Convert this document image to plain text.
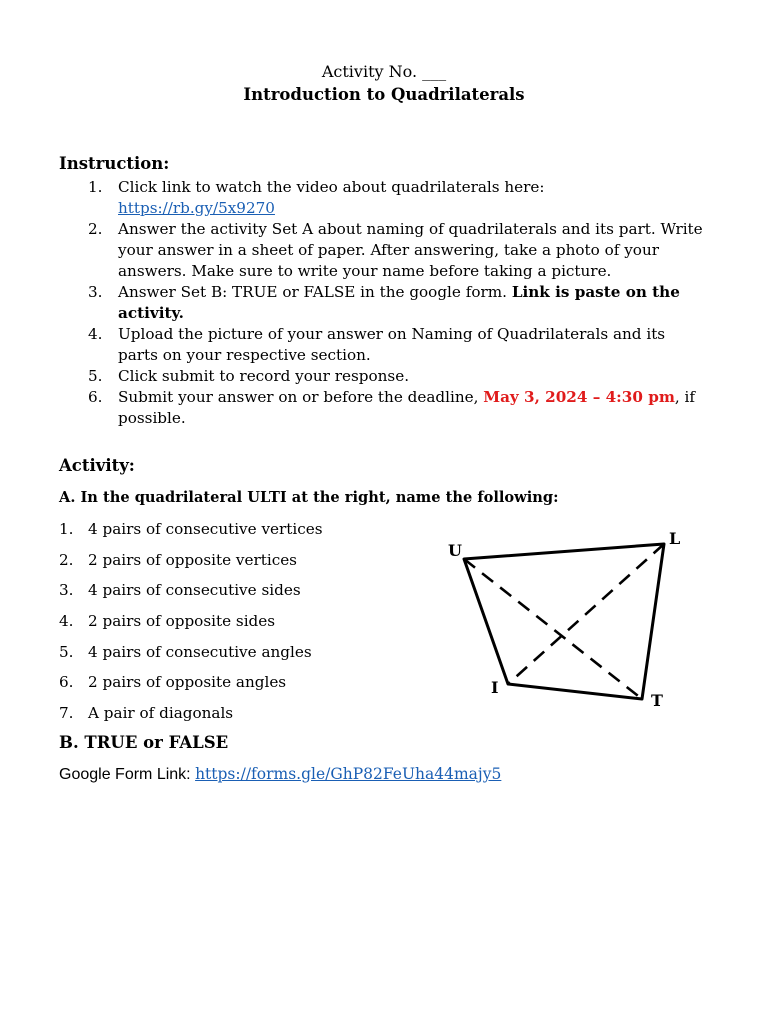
Activity No. ___
Introduction to Quadrilaterals
Instruction:
1. Click link to watch the video about quadrilaterals here:
https://rb.gy/5x9270
2. Answer the activity Set A about naming of quadrilaterals and its part. Write your answer in a sheet of paper. After answering, take a photo of your answers. Make sure to write your name before taking a picture.
3. Answer Set B: TRUE or FALSE in the google form. Link is paste on the activity.
4. Upload the picture of your answer on Naming of Quadrilaterals and its parts on your respective section.
5. Click submit to record your response.
6. Submit your answer on or before the deadline, May 3, 2024 – 4:30 pm, if possible.
Activity:
A. In the quadrilateral ULTI at the right, name the following:
1. 4 pairs of consecutive vertices
2. 2 pairs of opposite vertices
3. 4 pairs of consecutive sides
4. 2 pairs of opposite sides
5. 4 pairs of consecutive angles
6. 2 pairs of opposite angles
7. A pair of diagonals
U
L
I
T
B. TRUE or FALSE
Google Form Link: https://forms.gle/GhP82FeUha44majy5
